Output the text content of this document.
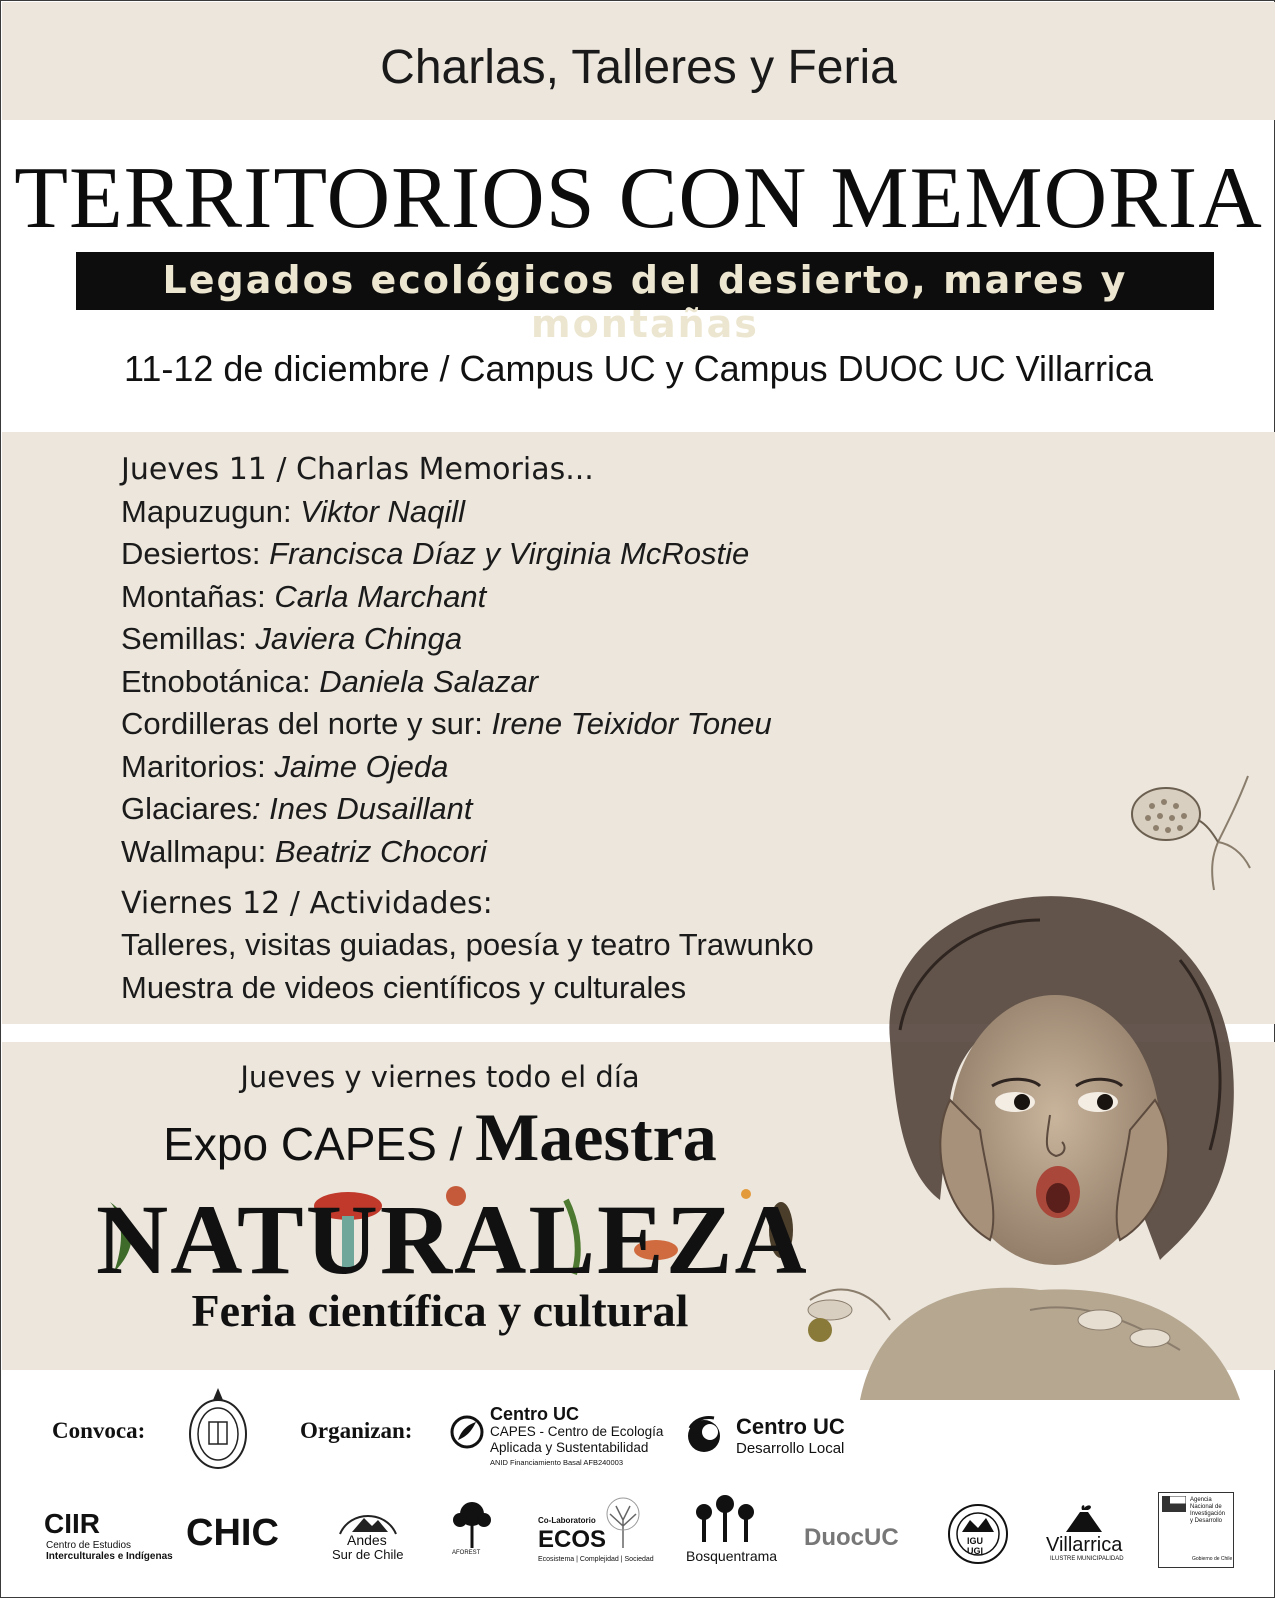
Charlas, Talleres y Feria
TERRITORIOS CON MEMORIA
Legados ecológicos del desierto, mares y montañas
11-12 de diciembre / Campus UC y Campus DUOC UC Villarrica
Jueves 11 / Charlas Memorias...
Mapuzugun: Viktor Naqill
Desiertos: Francisca Díaz y Virginia McRostie
Montañas: Carla Marchant
Semillas: Javiera Chinga
Etnobotánica: Daniela Salazar
Cordilleras del norte y sur: Irene Teixidor Toneu
Maritorios: Jaime Ojeda
Glaciares: Ines Dusaillant
Wallmapu: Beatriz Chocori
Viernes 12 / Actividades:
Talleres, visitas guiadas, poesía y teatro Trawunko
Muestra de videos científicos y culturales
Jueves y viernes todo el día
Expo CAPES / Maestra
NATURALEZA
Feria científica y cultural
Convoca:	Organizan:
Centro UC
CAPES - Centro de Ecología
Aplicada y Sustentabilidad
ANID Financiamiento Basal AFB240003
Centro UC
Desarrollo Local
CIIR
Centro de Estudios
Interculturales e Indígenas
CHIC	Andes
Sur de Chile	AFOREST
Co-Laboratorio
ECOS
Ecosistema | Complejidad | Sociedad Bosquentrama
DuocUC	IGU
UGI	Villarrica
ILUSTRE MUNICIPALIDAD
Agencia
Nacional de
Investigación
y Desarrollo
Gobierno de Chile
